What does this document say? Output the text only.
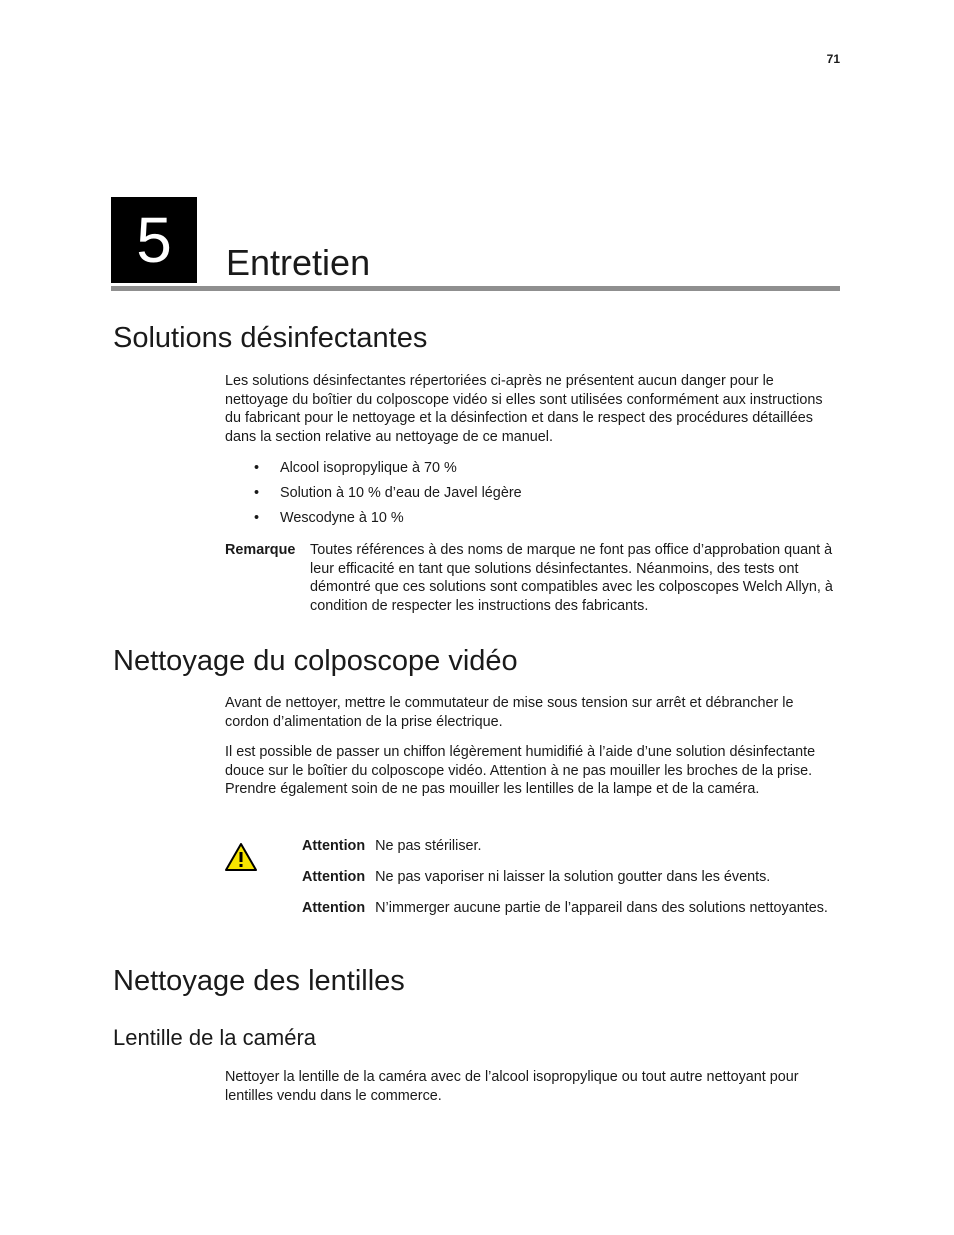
71
5	Entretien
Solutions désinfectantes

Les solutions désinfectantes répertoriées ci-après ne présentent aucun danger pour le nettoyage du boîtier du colposcope vidéo si elles sont utilisées conformément aux instructions du fabricant pour le nettoyage et la désinfection et dans le respect des procédures détaillées dans la section relative au nettoyage de ce manuel.

• Alcool isopropylique à 70 %
• Solution à 10 % d’eau de Javel légère
• Wescodyne à 10 %
Remarque Toutes références à des noms de marque ne font pas office d’approbation quant à leur efficacité en tant que solutions désinfectantes. Néanmoins, des tests ont démontré que ces solutions sont compatibles avec les colposcopes Welch Allyn, à condition de respecter les instructions des fabricants.

Nettoyage du colposcope vidéo

Avant de nettoyer, mettre le commutateur de mise sous tension sur arrêt et débrancher le cordon d’alimentation de la prise électrique.

Il est possible de passer un chiffon légèrement humidifié à l’aide d’une solution désinfectante douce sur le boîtier du colposcope vidéo. Attention à ne pas mouiller les broches de la prise. Prendre également soin de ne pas mouiller les lentilles de la lampe et de la caméra.

Attention Ne pas stériliser.

Attention Ne pas vaporiser ni laisser la solution goutter dans les évents.

Attention N’immerger aucune partie de l’appareil dans des solutions nettoyantes.

Nettoyage des lentilles
Lentille de la caméra

Nettoyer la lentille de la caméra avec de l’alcool isopropylique ou tout autre nettoyant pour lentilles vendu dans le commerce.
